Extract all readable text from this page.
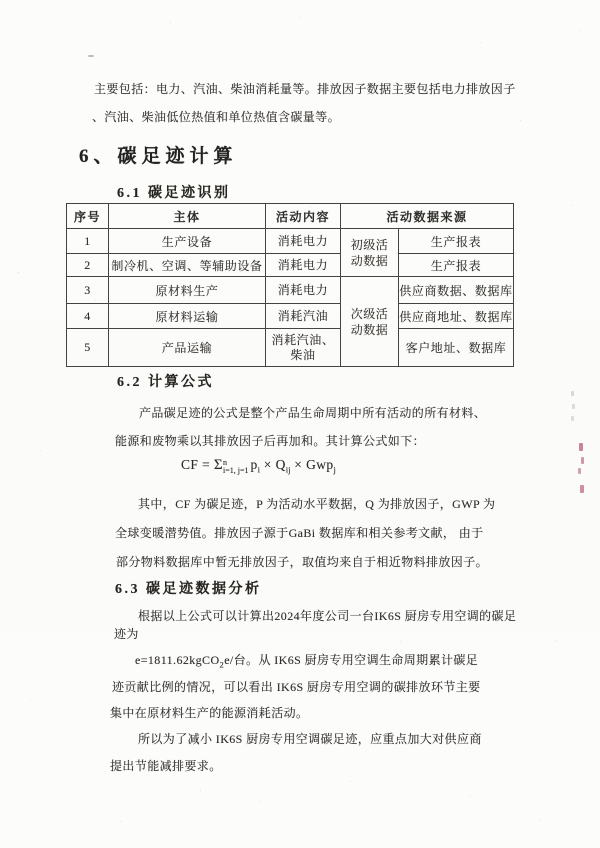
主要包括：电力、汽油、柴油消耗量等。排放因子数据主要包括电力排放因子
、汽油、柴油低位热值和单位热值含碳量等。
6、碳足迹计算
6.1 碳足迹识别
序号	主体	活动内容	活动数据来源	
1	生产设备	消耗电力	初级活动数据	生产报表
2	制冷机、空调、等辅助设备	消耗电力		生产报表
3	原材料生产	消耗电力	次级活动数据	供应商数据、数据库
4	原材料运输	消耗汽油		供应商地址、数据库
5	产品运输	消耗汽油、柴油		客户地址、数据库
6.2 计算公式
产品碳足迹的公式是整个产品生命周期中所有活动的所有材料、
能源和废物乘以其排放因子后再加和。其计算公式如下：
CF = Σ n
i=1, j=1 $p_i \times Q_{ij} \times Gwp_j$
其中，CF 为碳足迹，P 为活动水平数据，Q 为排放因子，GWP 为
全球变暖潜势值。排放因子源于GaBi 数据库和相关参考文献， 由于
部分物料数据库中暂无排放因子，取值均来自于相近物料排放因子。
6.3 碳足迹数据分析
根据以上公式可以计算出2024年度公司一台IK6S 厨房专用空调的碳足
迹为
e=1811.62kgCO$_2$e/台。从 IK6S 厨房专用空调生命周期累计碳足
迹贡献比例的情况，可以看出 IK6S 厨房专用空调的碳排放环节主要
集中在原材料生产的能源消耗活动。
所以为了减小 IK6S 厨房专用空调碳足迹，应重点加大对供应商
提出节能减排要求。
